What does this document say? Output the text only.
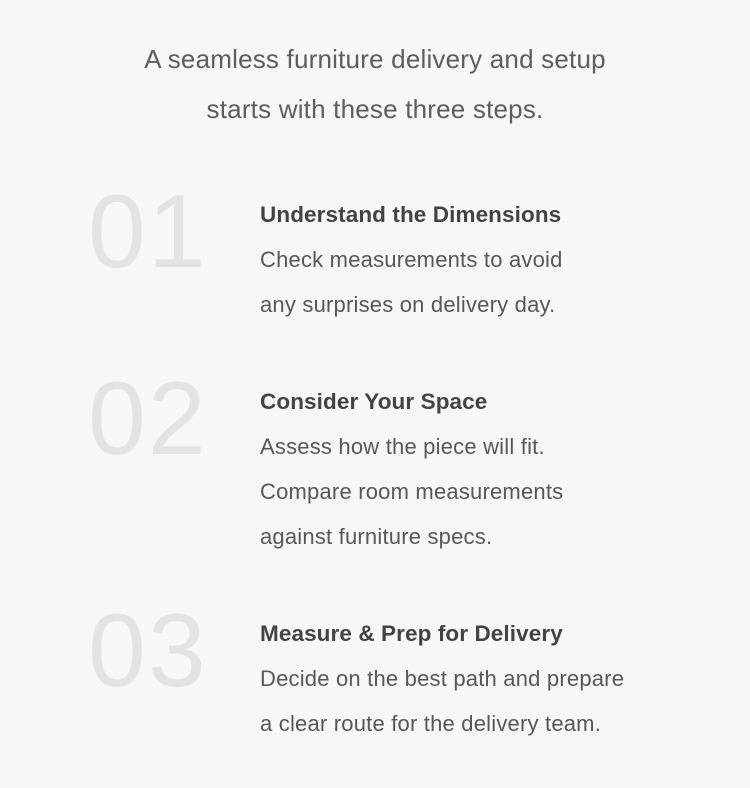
A seamless furniture delivery and setup
starts with these three steps.
01	Understand the Dimensions
Check measurements to avoid
any surprises on delivery day.
02	Consider Your Space
Assess how the piece will fit.
Compare room measurements
against furniture specs.
03	Measure & Prep for Delivery
Decide on the best path and prepare
a clear route for the delivery team.
